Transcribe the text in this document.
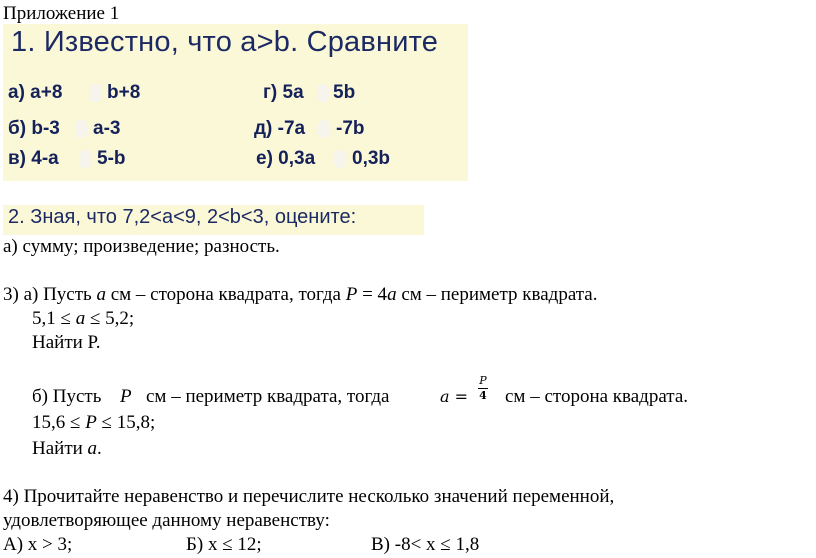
Приложение 1
1. Известно, что a>b. Сравните
а) a+8 b+8
б) b-3 a-3
в) 4-a 5-b
г) 5a 5b
д) -7a -7b
е) 0,3a 0,3b
2. Зная, что 7,2<a<9, 2<b<3, оцените:
а) сумму; произведение; разность.
3) а) Пусть a см – сторона квадрата, тогда P = 4a см – периметр квадрата.
5,1 ≤ a ≤ 5,2;
Найти Р.
б) Пусть P см – периметр квадрата, тогда	a =
P
4 см – сторона квадрата.
15,6 ≤ P ≤ 15,8;
Найти a.
4) Прочитайте неравенство и перечислите несколько значений переменной,
удовлетворяющее данному неравенству:
А) х > 3;	Б) х ≤ 12;	В) -8< х ≤ 1,8
